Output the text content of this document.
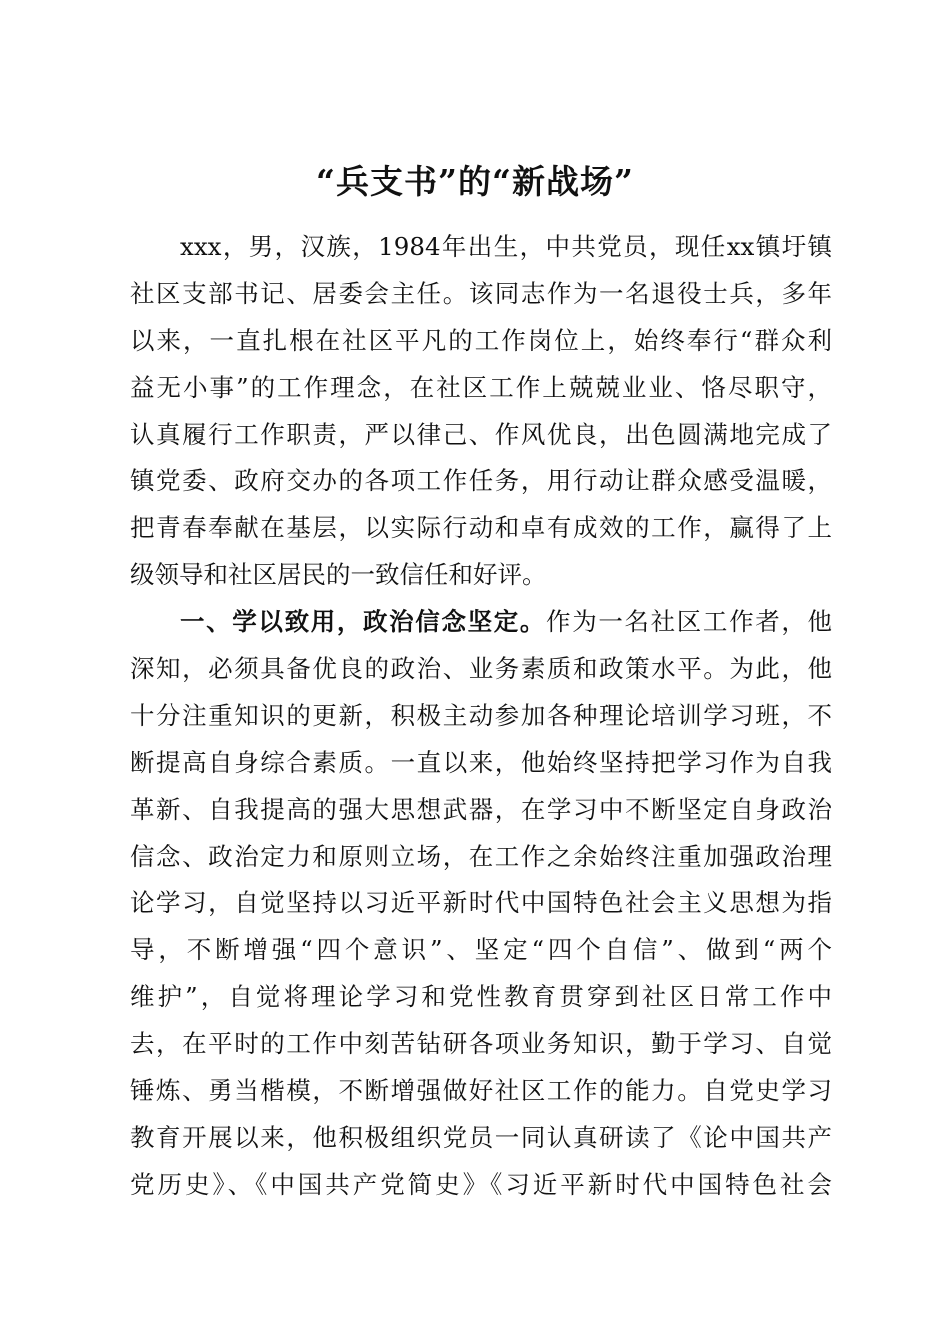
“兵支书”的“新战场”
xxx，男，汉族，1984年出生，中共党员，现任xx镇圩镇
社区支部书记、居委会主任。该同志作为一名退役士兵，多年
以来，一直扎根在社区平凡的工作岗位上，始终奉行“群众利
益无小事”的工作理念，在社区工作上兢兢业业、恪尽职守，
认真履行工作职责，严以律己、作风优良，出色圆满地完成了
镇党委、政府交办的各项工作任务，用行动让群众感受温暖，
把青春奉献在基层，以实际行动和卓有成效的工作，赢得了上
级领导和社区居民的一致信任和好评。
一、学以致用，政治信念坚定。作为一名社区工作者，他
深知，必须具备优良的政治、业务素质和政策水平。为此，他
十分注重知识的更新，积极主动参加各种理论培训学习班，不
断提高自身综合素质。一直以来，他始终坚持把学习作为自我
革新、自我提高的强大思想武器，在学习中不断坚定自身政治
信念、政治定力和原则立场，在工作之余始终注重加强政治理
论学习，自觉坚持以习近平新时代中国特色社会主义思想为指
导，不断增强“四个意识”、坚定“四个自信”、做到“两个
维护”，自觉将理论学习和党性教育贯穿到社区日常工作中
去，在平时的工作中刻苦钻研各项业务知识，勤于学习、自觉
锤炼、勇当楷模，不断增强做好社区工作的能力。自党史学习
教育开展以来，他积极组织党员一同认真研读了《论中国共产
党历史》、《中国共产党简史》《习近平新时代中国特色社会
